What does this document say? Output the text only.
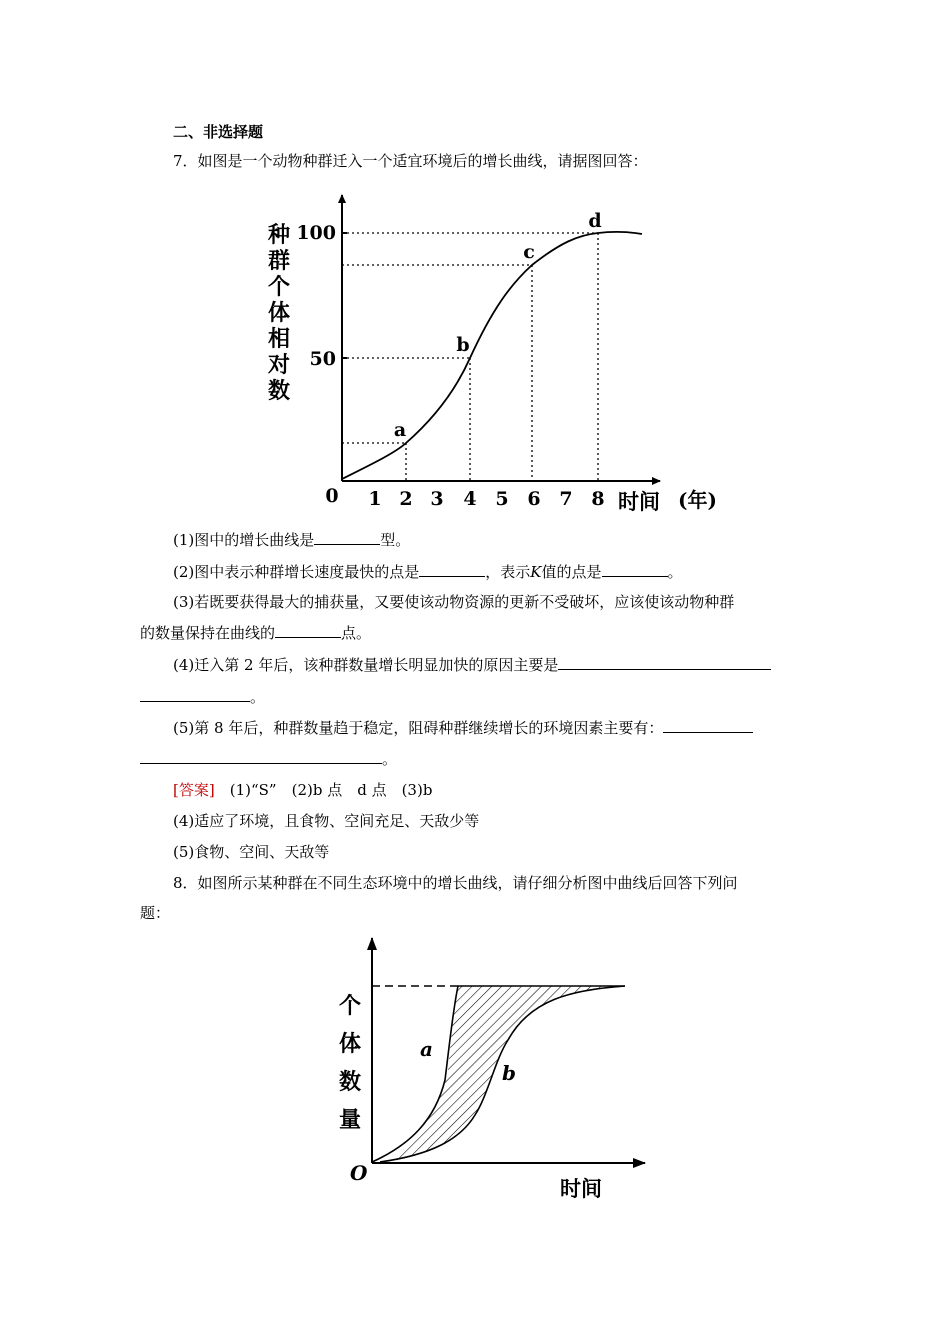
二、非选择题
7．如图是一个动物种群迁入一个适宜环境后的增长曲线，请据图回答：
种
群
个
体
相
对
数
100
50
0 1 2 3 4 5 6 7 8 时间 (年)
a
b
c
d
(1)图中的增长曲线是	型。
(2)图中表示种群增长速度最快的点是	，表示K值的点是	。
(3)若既要获得最大的捕获量，又要使该动物资源的更新不受破坏，应该使该动物种群
的数量保持在曲线的	点。
(4)迁入第 2 年后，该种群数量增长明显加快的原因主要是
。
(5)第 8 年后，种群数量趋于稳定，阻碍种群继续增长的环境因素主要有：
。
[答案]　 (1)“S”　(2)b 点　d 点　(3)b
(4)适应了环境，且食物、空间充足、天敌少等
(5)食物、空间、天敌等
8．如图所示某种群在不同生态环境中的增长曲线，请仔细分析图中曲线后回答下列问
题：
个
体
数
量
O
时间
a
b
